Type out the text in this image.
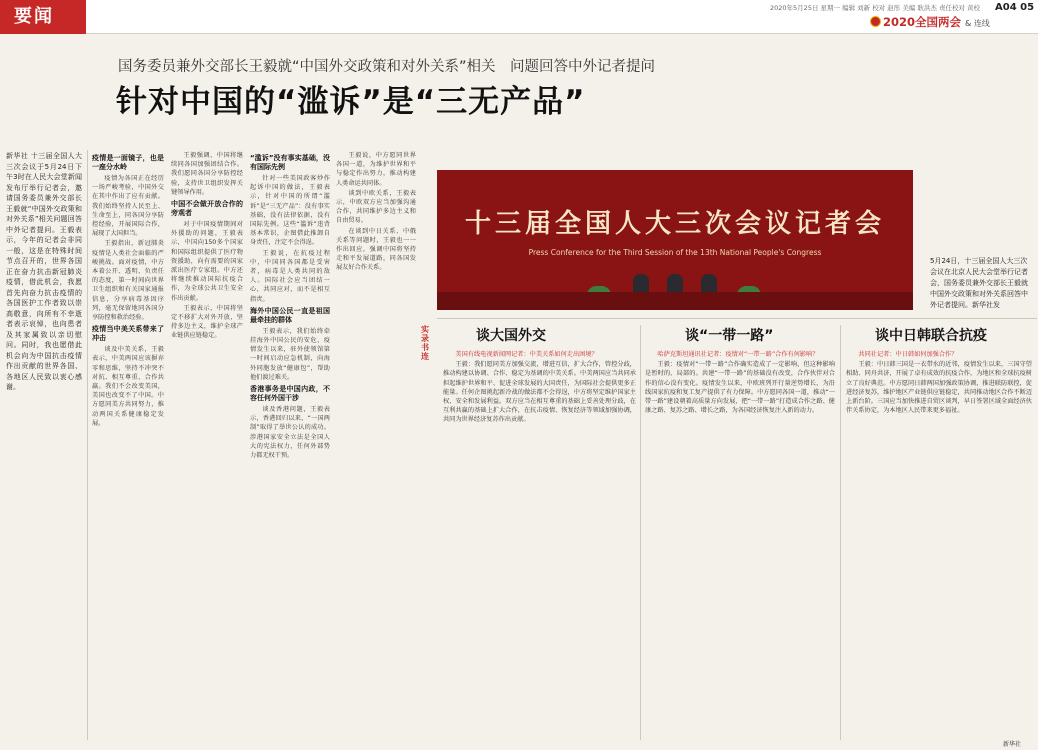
要闻	2020年5月25日 星期一 编辑 刘新 校对 赵彤 美编 耿洪杰 责任校对 黄校 A04 05
2020全国两会 & 连线
国务委员兼外交部长王毅就“中国外交政策和对外关系”相关　问题回答中外记者提问
针对中国的“滥诉”是“三无产品”
新华社 十三届全国人大三次会议于5月24日下午3时在人民大会堂新闻发布厅举行记者会，邀请国务委员兼外交部长王毅就“中国外交政策和对外关系”相关问题回答中外记者提问。王毅表示，今年的记者会非同一般，这是在特殊时间节点召开的，世界各国正在奋力抗击新冠肺炎疫情，借此机会，我愿首先向奋力抗击疫情的各国医护工作者致以崇高敬意，向所有不幸逝者表示哀悼，也向患者及其家属致以亲切慰问。同时，我也愿借此机会向为中国抗击疫情作出贡献的世界各国、各地区人民致以衷心感谢。
疫情是一面镜子，也是一座分水岭

疫情为各国正在经历一场严峻考验，中国外交在其中作出了应有贡献。我们始终坚持人民至上、生命至上，同各国分享防控经验，开展国际合作，展现了大国担当。

王毅指出，新冠肺炎疫情是人类社会面临的严峻挑战。面对疫情，中方本着公开、透明、负责任的态度，第一时间向世界卫生组织和有关国家通报信息，分享病毒基因序列，毫无保留地同各国分享防控和救治经验。

疫情当中美关系带来了冲击

谈及中美关系，王毅表示，中美两国应该摒弃零和思维，坚持不冲突不对抗、相互尊重、合作共赢。我们不会改变美国，美国也改变不了中国。中方愿同美方共同努力，推动两国关系健康稳定发展。

王毅强调，中国将继续同各国加强团结合作。我们愿同各国分享防控经验，支持世卫组织发挥关键领导作用。

中国不会做开放合作的旁观者

对于中国疫情期间对外援助的问题，王毅表示，中国向150多个国家和国际组织提供了医疗物资援助，向有需要的国家派出医疗专家组。中方还将继续推动国际抗疫合作，为全球公共卫生安全作出贡献。

王毅表示，中国将坚定不移扩大对外开放，坚持多边主义，维护全球产业链供应链稳定。

“滥诉”没有事实基础，没有国际先例

针对一些美国政客炒作起诉中国的做法，王毅表示，针对中国的所谓“滥诉”是“三无产品”：没有事实基础，没有法律依据，没有国际先例。这些“滥诉”违背基本常识，企图借此推卸自身责任，注定不会得逞。

王毅说，在抗疫过程中，中国同各国都是受害者，病毒是人类共同的敌人。国际社会应当团结一心，共同应对，而不是相互指责。

海外中国公民一直是祖国最牵挂的群体

王毅表示，我们始终牵挂海外中国公民的安危，疫情发生以来，驻外使领馆第一时间启动应急机制，向海外同胞发放“健康包”，帮助他们渡过难关。

香港事务是中国内政，不容任何外国干涉

谈及香港问题，王毅表示，香港回归以来，“一国两制”取得了举世公认的成功。涉港国家安全立法是全国人大的宪法权力，任何外部势力都无权干预。

王毅说，中方愿同世界各国一道，为维护世界和平与稳定作出努力，推动构建人类命运共同体。

谈到中欧关系，王毅表示，中欧双方应当加强沟通合作，共同维护多边主义和自由贸易。

在谈到中日关系、中俄关系等问题时，王毅也一一作出回应，强调中国将坚持走和平发展道路，同各国发展友好合作关系。

十三届全国人大三次会议记者会
Press Conference for the Third Session of the 13th National People's Congress
5月24日，十三届全国人大三次会议在北京人民大会堂举行记者会，国务委员兼外交部长王毅就中国外交政策和对外关系回答中外记者提问。新华社发
实录书连
谈大国外交	谈“一带一路”	谈中日韩联合抗疫

美国有线电视新闻网记者：中美关系如何走出困境？

王毅：我们愿同美方加强交流，增进互信，扩大合作，管控分歧，推动构建以协调、合作、稳定为基调的中美关系。中美两国应当共同承担起维护世界和平、促进全球发展的大国责任，为国际社会提供更多正能量。任何企图挑起新冷战的做法都不会得逞，中方将坚定维护国家主权、安全和发展利益。双方应当在相互尊重的基础上妥善处理分歧，在互利共赢的基础上扩大合作，在抗击疫情、恢复经济等领域加强协调，共同为世界经济复苏作出贡献。

哈萨克斯坦通讯社记者：疫情对“一带一路”合作有何影响？

王毅：疫情对“一带一路”合作确实造成了一定影响，但这种影响是暂时的、局部的。共建“一带一路”的基础没有改变，合作伙伴对合作的信心没有变化。疫情发生以来，中欧班列开行量逆势增长，为沿线国家抗疫和复工复产提供了有力保障。中方愿同各国一道，推动“一带一路”建设朝着高质量方向发展，把“一带一路”打造成合作之路、健康之路、复苏之路、增长之路，为各国经济恢复注入新的动力。

共同社记者：中日韩如何加强合作？

王毅：中日韩三国是一衣带水的近邻，疫情发生以来，三国守望相助、同舟共济，开展了卓有成效的抗疫合作，为地区和全球抗疫树立了良好典范。中方愿同日韩两国加强政策协调，推进联防联控，促进经济复苏，维护地区产业链供应链稳定，共同推动地区合作不断迈上新台阶。三国应当加快推进自贸区谈判，早日签署区域全面经济伙伴关系协定，为本地区人民带来更多福祉。

新华社
